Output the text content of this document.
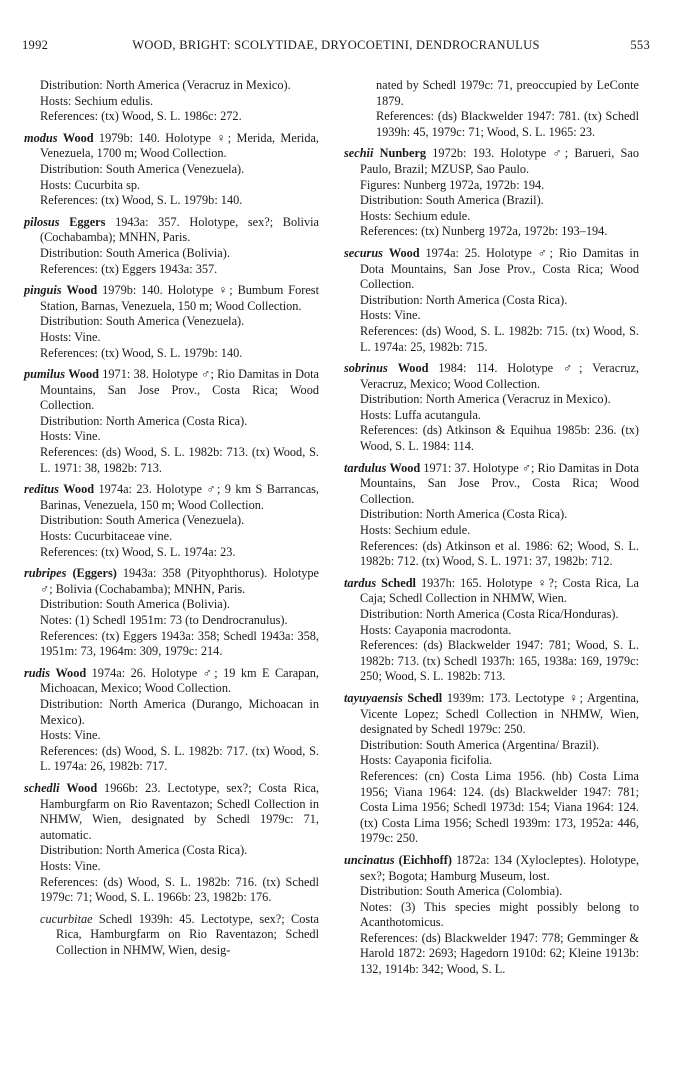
1992	WOOD, BRIGHT: SCOLYTIDAE, DRYOCOETINI, DENDROCRANULUS	553
Distribution: North America (Veracruz in Mexico).
Hosts: Sechium edulis.
References: (tx) Wood, S. L. 1986c: 272.
modus Wood 1979b: 140. Holotype ♀; Merida, Merida, Venezuela, 1700 m; Wood Collection.
Distribution: South America (Venezuela).
Hosts: Cucurbita sp.
References: (tx) Wood, S. L. 1979b: 140.
pilosus Eggers 1943a: 357. Holotype, sex?; Bolivia (Cochabamba); MNHN, Paris.
Distribution: South America (Bolivia).
References: (tx) Eggers 1943a: 357.
pinguis Wood 1979b: 140. Holotype ♀; Bumbum Forest Station, Barnas, Venezuela, 150 m; Wood Collection.
Distribution: South America (Venezuela).
Hosts: Vine.
References: (tx) Wood, S. L. 1979b: 140.
pumilus Wood 1971: 38. Holotype ♂; Rio Damitas in Dota Mountains, San Jose Prov., Costa Rica; Wood Collection.
Distribution: North America (Costa Rica).
Hosts: Vine.
References: (ds) Wood, S. L. 1982b: 713. (tx) Wood, S. L. 1971: 38, 1982b: 713.
reditus Wood 1974a: 23. Holotype ♂; 9 km S Barrancas, Barinas, Venezuela, 150 m; Wood Collection.
Distribution: South America (Venezuela).
Hosts: Cucurbitaceae vine.
References: (tx) Wood, S. L. 1974a: 23.
rubripes (Eggers) 1943a: 358 (Pityophthorus). Holotype ♂; Bolivia (Cochabamba); MNHN, Paris.
Distribution: South America (Bolivia).
Notes: (1) Schedl 1951m: 73 (to Dendrocranulus).
References: (tx) Eggers 1943a: 358; Schedl 1943a: 358, 1951m: 73, 1964m: 309, 1979c: 214.
rudis Wood 1974a: 26. Holotype ♂; 19 km E Carapan, Michoacan, Mexico; Wood Collection.
Distribution: North America (Durango, Michoacan in Mexico).
Hosts: Vine.
References: (ds) Wood, S. L. 1982b: 717. (tx) Wood, S. L. 1974a: 26, 1982b: 717.
schedli Wood 1966b: 23. Lectotype, sex?; Costa Rica, Hamburgfarm on Rio Raventazon; Schedl Collection in NHMW, Wien, designated by Schedl 1979c: 71, automatic.
Distribution: North America (Costa Rica).
Hosts: Vine.
References: (ds) Wood, S. L. 1982b: 716. (tx) Schedl 1979c: 71; Wood, S. L. 1966b: 23, 1982b: 176.
cucurbitae Schedl 1939h: 45. Lectotype, sex?; Costa Rica, Hamburgfarm on Rio Raventazon; Schedl Collection in NHMW, Wien, desig-
nated by Schedl 1979c: 71, preoccupied by LeConte 1879.
References: (ds) Blackwelder 1947: 781. (tx) Schedl 1939h: 45, 1979c: 71; Wood, S. L. 1965: 23.
sechii Nunberg 1972b: 193. Holotype ♂; Barueri, Sao Paulo, Brazil; MZUSP, Sao Paulo.
Figures: Nunberg 1972a, 1972b: 194.
Distribution: South America (Brazil).
Hosts: Sechium edule.
References: (tx) Nunberg 1972a, 1972b: 193–194.
securus Wood 1974a: 25. Holotype ♂; Rio Damitas in Dota Mountains, San Jose Prov., Costa Rica; Wood Collection.
Distribution: North America (Costa Rica).
Hosts: Vine.
References: (ds) Wood, S. L. 1982b: 715. (tx) Wood, S. L. 1974a: 25, 1982b: 715.
sobrinus Wood 1984: 114. Holotype ♂; Veracruz, Veracruz, Mexico; Wood Collection.
Distribution: North America (Veracruz in Mexico).
Hosts: Luffa acutangula.
References: (ds) Atkinson & Equihua 1985b: 236. (tx) Wood, S. L. 1984: 114.
tardulus Wood 1971: 37. Holotype ♂; Rio Damitas in Dota Mountains, San Jose Prov., Costa Rica; Wood Collection.
Distribution: North America (Costa Rica).
Hosts: Sechium edule.
References: (ds) Atkinson et al. 1986: 62; Wood, S. L. 1982b: 712. (tx) Wood, S. L. 1971: 37, 1982b: 712.
tardus Schedl 1937h: 165. Holotype ♀?; Costa Rica, La Caja; Schedl Collection in NHMW, Wien.
Distribution: North America (Costa Rica/Honduras).
Hosts: Cayaponia macrodonta.
References: (ds) Blackwelder 1947: 781; Wood, S. L. 1982b: 713. (tx) Schedl 1937h: 165, 1938a: 169, 1979c: 250; Wood, S. L. 1982b: 713.
tayuyaensis Schedl 1939m: 173. Lectotype ♀; Argentina, Vicente Lopez; Schedl Collection in NHMW, Wien, designated by Schedl 1979c: 250.
Distribution: South America (Argentina/ Brazil).
Hosts: Cayaponia ficifolia.
References: (cn) Costa Lima 1956. (hb) Costa Lima 1956; Viana 1964: 124. (ds) Blackwelder 1947: 781; Costa Lima 1956; Schedl 1973d: 154; Viana 1964: 124. (tx) Costa Lima 1956; Schedl 1939m: 173, 1952a: 446, 1979c: 250.
uncinatus (Eichhoff) 1872a: 134 (Xylocleptes). Holotype, sex?; Bogota; Hamburg Museum, lost.
Distribution: South America (Colombia).
Notes: (3) This species might possibly belong to Acanthotomicus.
References: (ds) Blackwelder 1947: 778; Gemminger & Harold 1872: 2693; Hagedorn 1910d: 62; Kleine 1913b: 132, 1914b: 342; Wood, S. L.
